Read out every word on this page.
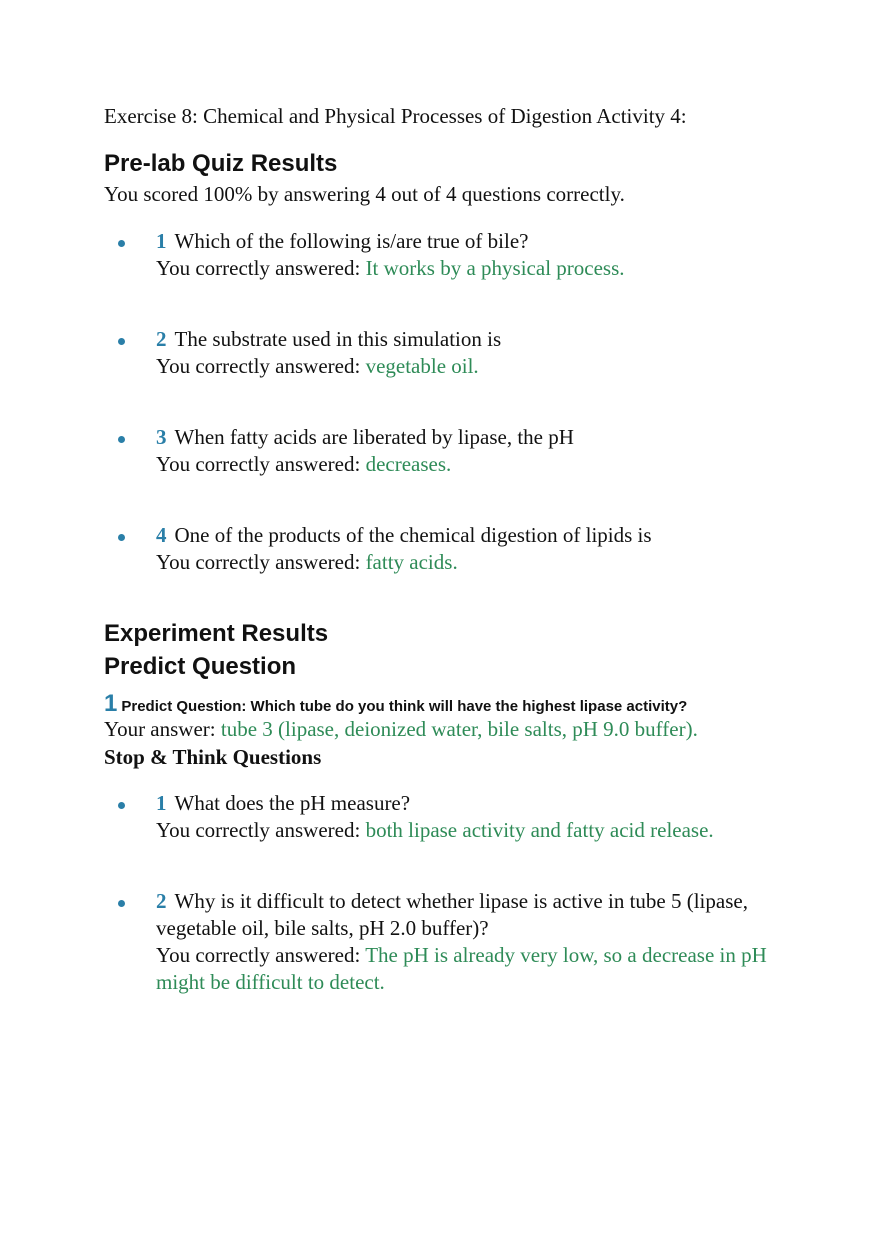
Exercise 8: Chemical and Physical Processes of Digestion Activity 4:
Pre-lab Quiz Results
You scored 100% by answering 4 out of 4 questions correctly.
1 Which of the following is/are true of bile?
You correctly answered: It works by a physical process.
2 The substrate used in this simulation is
You correctly answered: vegetable oil.
3 When fatty acids are liberated by lipase, the pH
You correctly answered: decreases.
4 One of the products of the chemical digestion of lipids is
You correctly answered: fatty acids.
Experiment Results
Predict Question
1 Predict Question: Which tube do you think will have the highest lipase activity?
Your answer: tube 3 (lipase, deionized water, bile salts, pH 9.0 buffer).
Stop & Think Questions
1 What does the pH measure?
You correctly answered: both lipase activity and fatty acid release.
2 Why is it difficult to detect whether lipase is active in tube 5 (lipase, vegetable oil, bile salts, pH 2.0 buffer)?
You correctly answered: The pH is already very low, so a decrease in pH might be difficult to detect.
